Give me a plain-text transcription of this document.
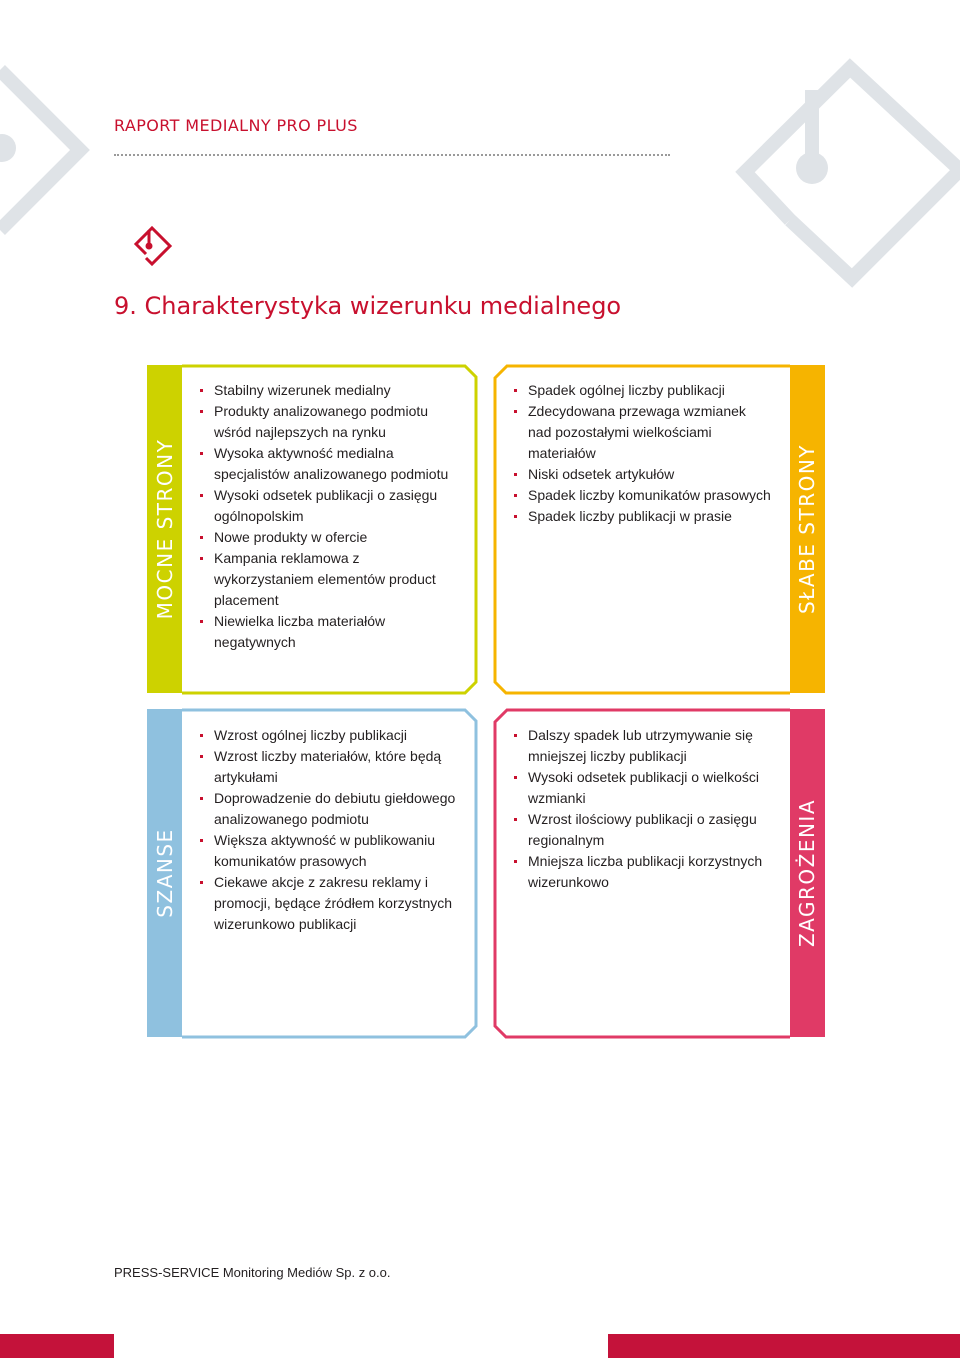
RAPORT MEDIALNY PRO PLUS
9. Charakterystyka wizerunku medialnego
MOCNE STRONY	SŁABE STRONY
SZANSE	ZAGROŻENIA
Stabilny wizerunek medialny
Produkty analizowanego podmiotu wśród najlepszych na rynku
Wysoka aktywność medialna specjalistów analizowanego podmiotu
Wysoki odsetek publikacji o zasięgu ogólnopolskim
Nowe produkty w ofercie
Kampania reklamowa z wykorzystaniem elementów product placement
Niewielka liczba materiałów negatywnych
Spadek ogólnej liczby publikacji
Zdecydowana przewaga wzmianek nad pozostałymi wielkościami materiałów
Niski odsetek artykułów
Spadek liczby komunikatów prasowych
Spadek liczby publikacji w prasie
Wzrost ogólnej liczby publikacji
Wzrost liczby materiałów, które będą artykułami
Doprowadzenie do debiutu giełdowego analizowanego podmiotu
Większa aktywność w publikowaniu komunikatów prasowych
Ciekawe akcje z zakresu reklamy i promocji, będące źródłem korzystnych wizerunkowo publikacji
Dalszy spadek lub utrzymywanie się mniejszej liczby publikacji
Wysoki odsetek publikacji o wielkości wzmianki
Wzrost ilościowy publikacji o zasięgu regionalnym
Mniejsza liczba publikacji korzystnych wizerunkowo
PRESS-SERVICE Monitoring Mediów Sp. z o.o.
